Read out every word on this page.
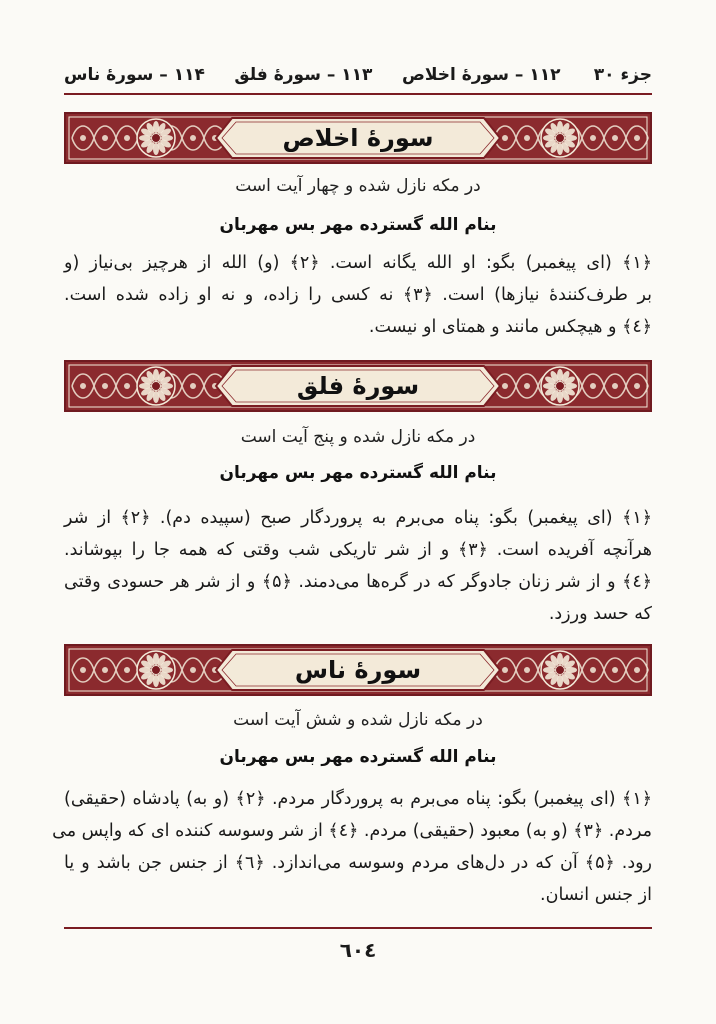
جزء ۳۰
۱۱۲ – سورۀ اخلاص     ۱۱۳ – سورۀ فلق     ۱۱۴ – سورۀ ناس
سورۀ اخلاص
در مکه نازل شده و چهار آیت است
بنام الله گسترده مهر بس مهربان
﴿۱﴾ (ای پیغمبر) بگو: او الله یگانه است. ﴿۲﴾ (و) الله از هرچیز بی‌نیاز (و
بر طرف‌کنندۀ نیازها) است. ﴿۳﴾ نه کسی را زاده، و نه او زاده شده است.
﴿٤﴾ و هیچکس مانند و همتای او نیست.
سورۀ فلق
در مکه نازل شده و پنج آیت است
بنام الله گسترده مهر بس مهربان
﴿۱﴾ (ای پیغمبر) بگو: پناه می‌برم به پروردگار صبح (سپیده دم). ﴿۲﴾ از شر
هرآنچه آفریده است. ﴿۳﴾ و از شر تاریکی شب وقتی که همه جا را بپوشاند.
﴿٤﴾ و از شر زنان جادوگر که در گره‌ها می‌دمند. ﴿۵﴾ و از شر هر حسودی وقتی
که حسد ورزد.
سورۀ ناس
در مکه نازل شده و شش آیت است
بنام الله گسترده مهر بس مهربان
﴿۱﴾ (ای پیغمبر) بگو: پناه می‌برم به پروردگار مردم. ﴿۲﴾ (و به) پادشاه (حقیقی)
مردم. ﴿۳﴾ (و به) معبود (حقیقی) مردم. ﴿٤﴾ از شر وسوسه کننده ای که واپس می
رود. ﴿۵﴾ آن که در دل‌های مردم وسوسه می‌اندازد. ﴿٦﴾ از جنس جن باشد و یا
از جنس انسان.
٦٠٤
